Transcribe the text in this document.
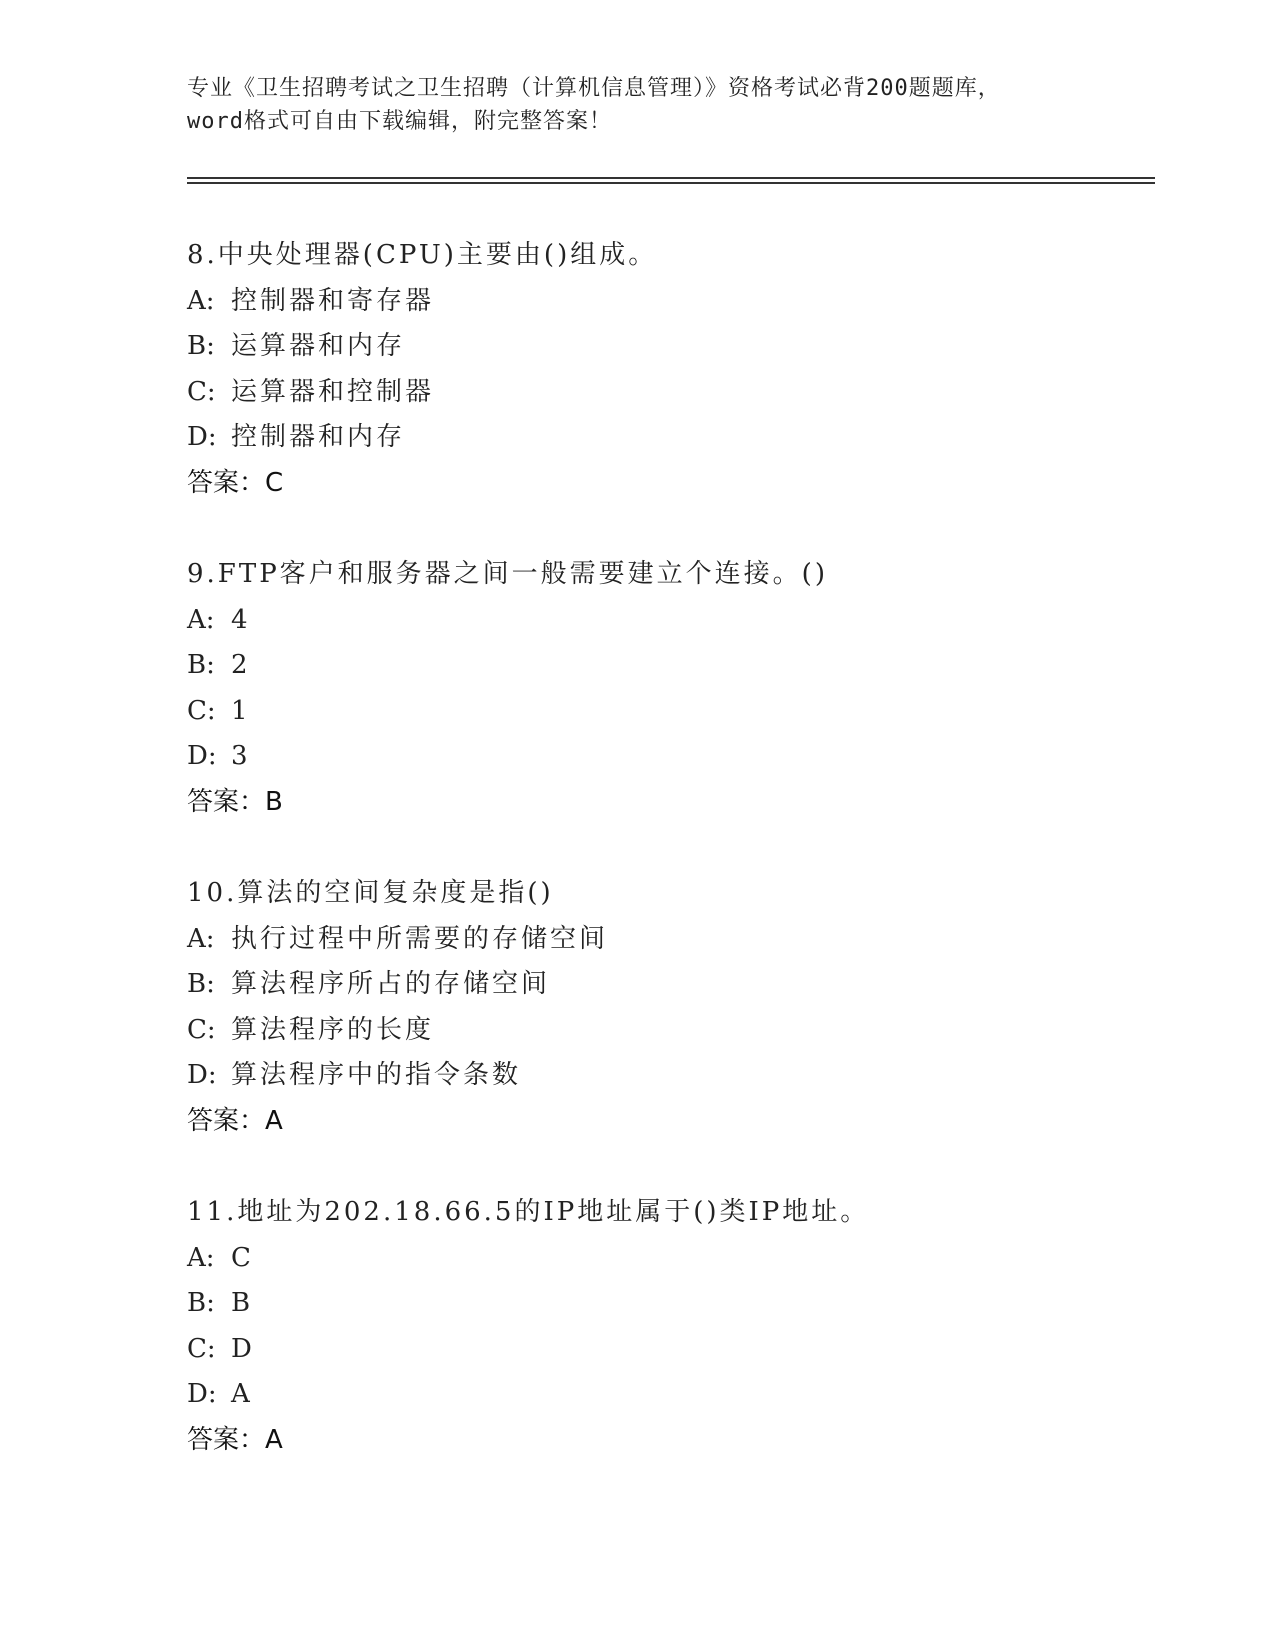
专业《卫生招聘考试之卫生招聘（计算机信息管理）》资格考试必背200题题库，
word格式可自由下载编辑，附完整答案！
8.中央处理器(CPU)主要由()组成。
A: 控制器和寄存器
B: 运算器和内存
C: 运算器和控制器
D: 控制器和内存
答案：C
9.FTP客户和服务器之间一般需要建立个连接。()
A: 4
B: 2
C: 1
D: 3
答案：B
10.算法的空间复杂度是指()
A: 执行过程中所需要的存储空间
B: 算法程序所占的存储空间
C: 算法程序的长度
D: 算法程序中的指令条数
答案：A
11.地址为202.18.66.5的IP地址属于()类IP地址。
A: C
B: B
C: D
D: A
答案：A
